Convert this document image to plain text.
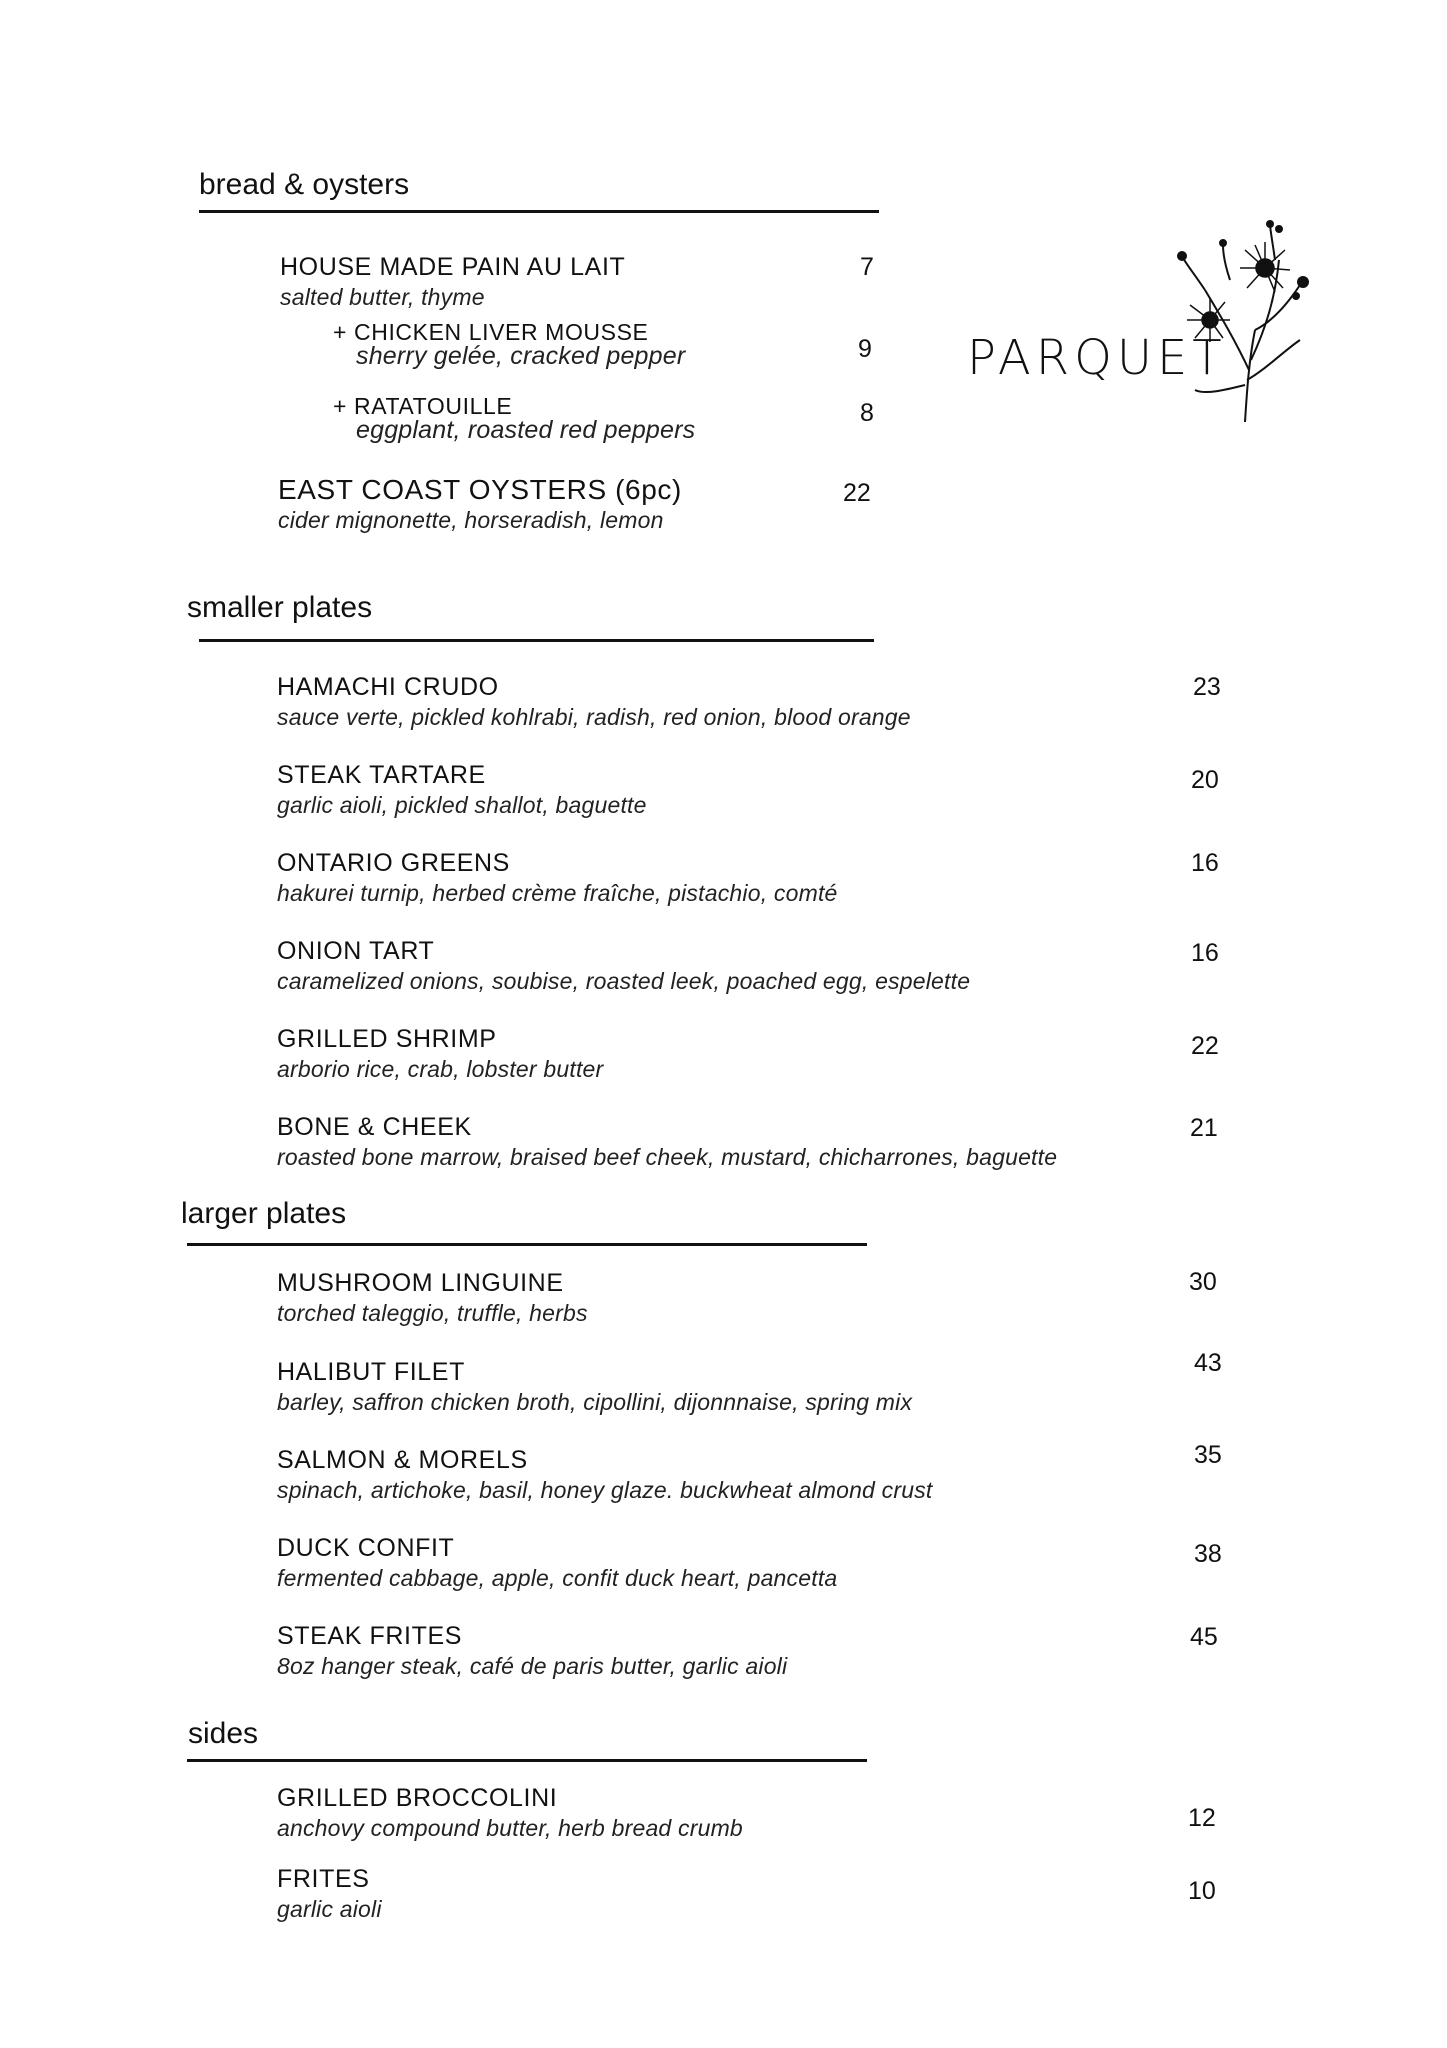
PARQUET
bread & oysters
HOUSE MADE PAIN AU LAIT
salted butter, thyme
7
+ CHICKEN LIVER MOUSSE
sherry gelée, cracked pepper	9
+ RATATOUILLE
eggplant, roasted red peppers
8
EAST COAST OYSTERS (6pc)
cider mignonette, horseradish, lemon
22
smaller plates
HAMACHI CRUDO
sauce verte, pickled kohlrabi, radish, red onion, blood orange
23
STEAK TARTARE
garlic aioli, pickled shallot, baguette
20
ONTARIO GREENS
hakurei turnip, herbed crème fraîche, pistachio, comté
16
ONION TART
caramelized onions, soubise, roasted leek, poached egg, espelette
16
GRILLED SHRIMP
arborio rice, crab, lobster butter
22
BONE & CHEEK
roasted bone marrow, braised beef cheek, mustard, chicharrones, baguette
21
larger plates
MUSHROOM LINGUINE
torched taleggio, truffle, herbs
30
HALIBUT FILET
barley, saffron chicken broth, cipollini, dijonnnaise, spring mix
43
SALMON & MORELS
spinach, artichoke, basil, honey glaze. buckwheat almond crust
35
DUCK CONFIT
fermented cabbage, apple, confit duck heart, pancetta
38
STEAK FRITES
8oz hanger steak, café de paris butter, garlic aioli
45
sides
GRILLED BROCCOLINI
anchovy compound butter, herb bread crumb	12
FRITES
garlic aioli
10
